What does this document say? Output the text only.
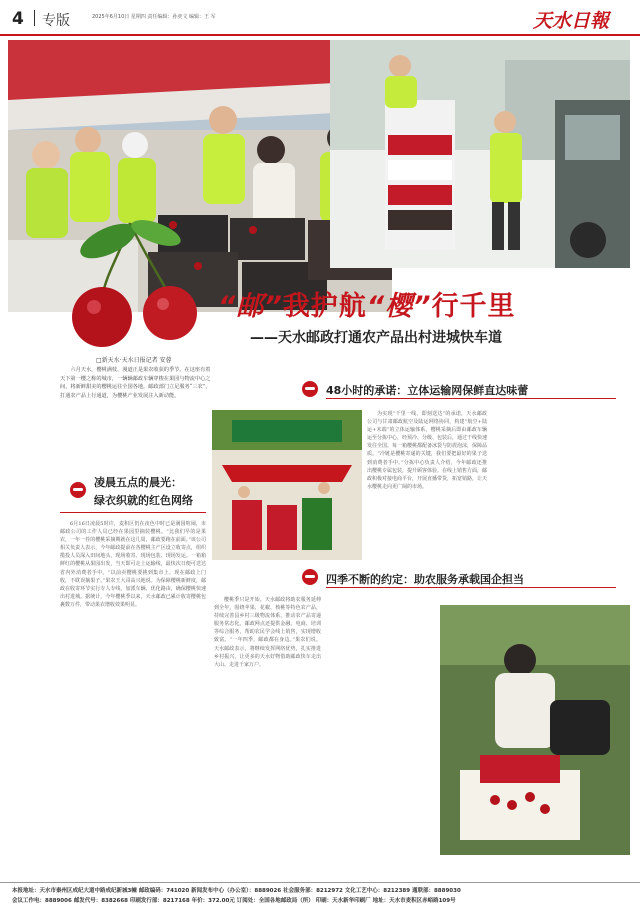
4 专版	2025年6月10日 星期四 责任编辑：孙奕文 编辑：王 军	天水日報
“邮”我护航“樱”行千里
——天水邮政打通农产品出村进城快车道
□新天水·天水日报记者 安蓉
六月天水，樱桃满枝，漫道正是果农收获的季节。在这座有着天下第一樱之称的城市，一辆辆邮政车辆穿梭在果园与物流中心之间，将新鲜甜美的樱桃运往全国各地。邮政部门立足服务“三农”，打通农产品上行通道，为樱桃产业发展注入新动能。
凌晨五点的晨光：
绿衣织就的红色网络
6月16日凌晨5时许，麦积区仍在夜色中时已是满园喧闹，市邮政公司的工作人员已经在果园里摘装樱桃。“比我们早的是果农，一年一茬的樱桃采摘期就在这几周，邮政要跑在前面。”该公司相关负责人表示，今年邮政提前在各樱桃主产区设立收寄点，组织揽投人员深入田间地头，现场收寄、现场包装、现场发运。一箱箱鲜红的樱桃从果园出发，当天即可走上运输线，最快次日便可送达省内外消费者手中。“以前卖樱桃要挑到集市上，现在邮政上门收，不耽误摘果子。”果农王大哥高兴地说。为保障樱桃新鲜度，邮政在收寄环节实行专人专线，加派车辆、优化路由，确保樱桃快速出村进城。据统计，今年樱桃季以来，天水邮政已累计收寄樱桃包裹数万件，带动果农增收效果明显。
48小时的承诺：立体运输网保鲜直达味蕾
为实现“千里一线，即刻送达”的承诺，天水邮政公司与甘肃邮政航空及陆运网络协同，构建“航空+陆运+末端”的立体运输体系。樱桃采摘后即由邮政车辆运至分拣中心，经预冷、分级、包装后，通过干线快速发往全国。每一箱樱桃都配备冰袋与防震泡沫，保障品质。“冷链是樱桃寄递的关键，我们要把最好的果子送到消费者手中。”分拣中心负责人介绍，今年邮政还推出樱桃专属包装，提升顾客体验。在线上销售方面，邮政积极对接电商平台，开展直播带货，拓宽销路，让天水樱桃走向更广阔的市场。
四季不断的约定：助农服务承载国企担当
樱桃季只是开始。天水邮政将助农服务延伸到全年，围绕苹果、花椒、核桃等特色农产品，持续完善县乡村三级物流体系，推动农产品寄递服务常态化。邮政网点还提供金融、电商、培训等综合服务，帮助农民学会线上销售，实现增收致富。“一年四季，邮政都在身边。”果农们说。天水邮政表示，将继续发挥网络优势，扎实推进乡村振兴，让更多的天水好物借助邮政快车走出大山、走进千家万户。
本报地址：天水市秦州区成纪大道中路成纪新城3幢 邮政编码：741020 新闻发布中心（办公室）：8889026 社会服务部：8212972 文化工艺中心：8212389 通联部：8889030
会议工作电：8889006 邮发代号：8382668 印刷发行部：8217168 年价：372.00元 订阅处：全国各地邮政局（所） 印刷：天水新华印刷厂 地址：天水市麦积区赤峪路109号
